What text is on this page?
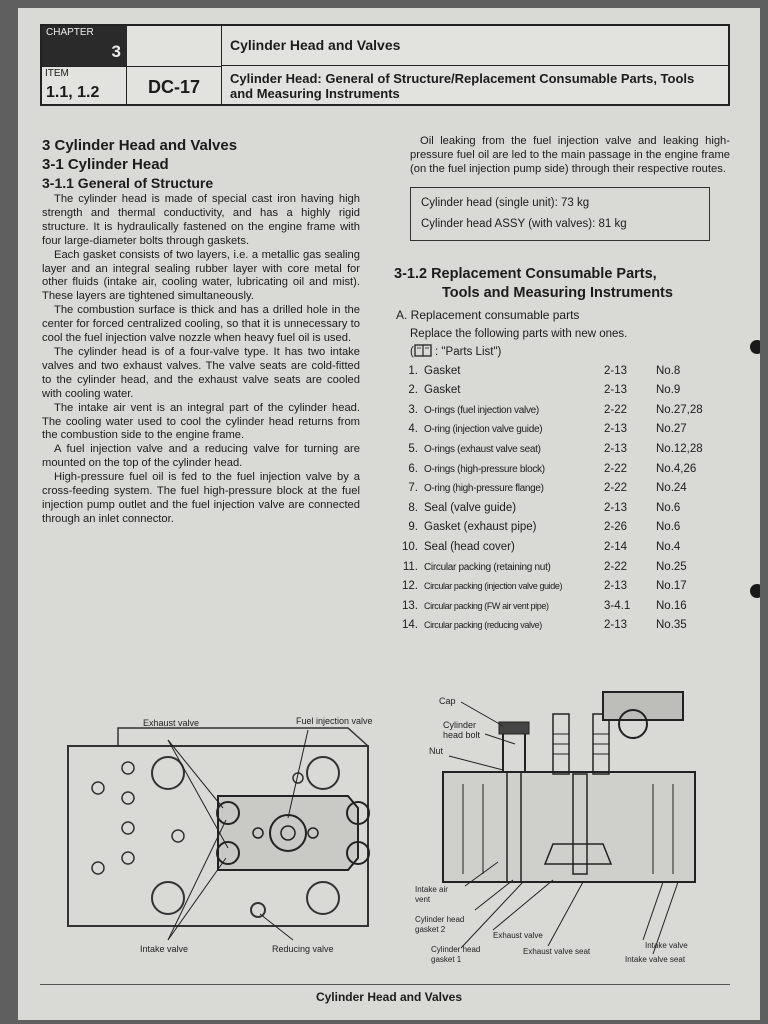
CHAPTER
3
ITEM
1.1, 1.2	DC-17
Cylinder Head and Valves
Cylinder Head: General of Structure/Replacement Consumable Parts, Tools and Measuring Instruments

3 Cylinder Head and Valves

3-1 Cylinder Head

3-1.1 General of Structure

The cylinder head is made of special cast iron having high strength and thermal conductivity, and has a highly rigid structure. It is hydraulically fastened on the engine frame with four large-diameter bolts through gaskets.

Each gasket consists of two layers, i.e. a metallic gas sealing layer and an integral sealing rubber layer with core metal for other fluids (intake air, cooling water, lubricating oil and mist). These layers are tightened simultaneously.

The combustion surface is thick and has a drilled hole in the center for forced centralized cooling, so that it is unnecessary to cool the fuel injection valve nozzle when heavy fuel oil is used.

The cylinder head is of a four-valve type. It has two intake valves and two exhaust valves. The valve seats are cold-fitted to the cylinder head, and the exhaust valve seats are cooled with cooling water.

The intake air vent is an integral part of the cylinder head. The cooling water used to cool the cylinder head returns from the combustion side to the engine frame.

A fuel injection valve and a reducing valve for turning are mounted on the top of the cylinder head.

High-pressure fuel oil is fed to the fuel injection valve by a cross-feeding system. The fuel high-pressure block at the fuel injection pump outlet and the fuel injection valve are connected through an inlet connector.

Oil leaking from the fuel injection valve and leaking high-pressure fuel oil are led to the main passage in the engine frame (on the fuel injection pump side) through their respective routes.

Cylinder head (single unit): 73 kg
Cylinder head ASSY (with valves): 81 kg

3-1.2 Replacement Consumable Parts,
Tools and Measuring Instruments

A. Replacement consumable parts

Replace the following parts with new ones.

( : "Parts List")

1.	Gasket	2-13	No.8
2.	Gasket	2-13	No.9
3.	O-rings (fuel injection valve)	2-22	No.27,28
4.	O-ring (injection valve guide)	2-13	No.27
5.	O-rings (exhaust valve seat)	2-13	No.12,28
6.	O-rings (high-pressure block)	2-22	No.4,26
7.	O-ring (high-pressure flange)	2-22	No.24
8.	Seal (valve guide)	2-13	No.6
9.	Gasket (exhaust pipe)	2-26	No.6
10.	Seal (head cover)	2-14	No.4
11.	Circular packing (retaining nut)	2-22	No.25
12.	Circular packing (injection valve guide)	2-13	No.17
13.	Circular packing (FW air vent pipe)	3-4.1	No.16
14.	Circular packing (reducing valve)	2-13	No.35
Exhaust valve	Fuel injection valve
Intake valve	Reducing valve
Cap
Cylinder
head bolt
Nut
Intake air
vent
Cylinder head
gasket 2
Exhaust valve
Cylinder head
gasket 1
Exhaust valve seat
Intake valve
Intake valve seat
Cylinder Head and Valves
